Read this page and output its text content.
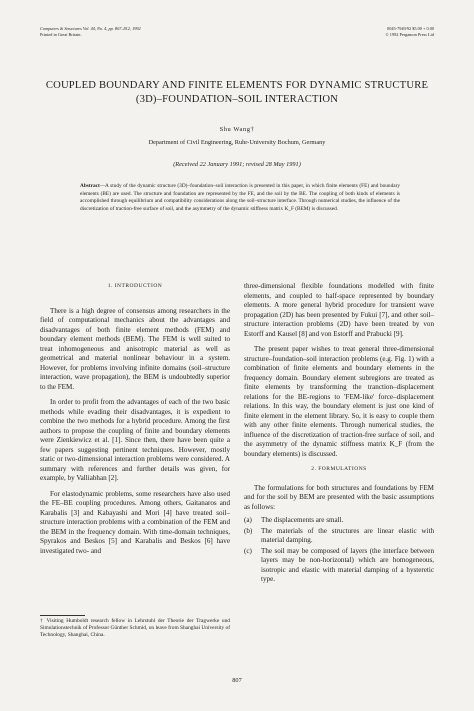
Computers & Structures Vol. 44, No. 4, pp. 807–812, 1992
Printed in Great Britain.
0045-7949/92 $5.00 + 0.00
© 1992 Pergamon Press Ltd
COUPLED BOUNDARY AND FINITE ELEMENTS FOR DYNAMIC STRUCTURE (3D)–FOUNDATION–SOIL INTERACTION
Shu Wang†
Department of Civil Engineering, Ruhr-University Bochum, Germany
(Received 22 January 1991; revised 28 May 1991)
Abstract—A study of the dynamic structure (3D)–foundation–soil interaction is presented in this paper, in which finite elements (FE) and boundary elements (BE) are used. The structure and foundation are represented by the FE, and the soil by the BE. The coupling of both kinds of elements is accomplished through equilibrium and compatibility considerations along the soil–structure interface. Through numerical studies, the influence of the discretization of traction-free surface of soil, and the asymmetry of the dynamic stiffness matrix K_F (BEM) is discussed.
1. INTRODUCTION

There is a high degree of consensus among researchers in the field of computational mechanics about the advantages and disadvantages of both finite element methods (FEM) and boundary element methods (BEM). The FEM is well suited to treat inhomogeneous and anisotropic material as well as geometrical and material nonlinear behaviour in a system. However, for problems involving infinite domains (soil–structure interaction, wave propagation), the BEM is undoubtedly superior to the FEM.

In order to profit from the advantages of each of the two basic methods while evading their disadvantages, it is expedient to combine the two methods for a hybrid procedure. Among the first authors to propose the coupling of finite and boundary elements were Zienkiewicz et al. [1]. Since then, there have been quite a few papers suggesting pertinent techniques. However, mostly static or two-dimensional interaction problems were considered. A summary with references and further details was given, for example, by Valliabhan [2].

For elastodynamic problems, some researchers have also used the FE–BE coupling procedures. Among others, Gaitanaros and Karabalis [3] and Kabayashi and Mori [4] have treated soil–structure interaction problems with a combination of the FEM and the BEM in the frequency domain. With time-domain techniques, Spyrakos and Beskos [5] and Karabalis and Beskos [6] have investigated two- and

three-dimensional flexible foundations modelled with finite elements, and coupled to half-space represented by boundary elements. A more general hybrid procedure for transient wave propagation (2D) has been presented by Fukui [7], and other soil–structure interaction problems (2D) have been treated by von Estorff and Kausel [8] and von Estorff and Prabucki [9].

The present paper wishes to treat general three-dimensional structure–foundation–soil interaction problems (e.g. Fig. 1) with a combination of finite elements and boundary elements in the frequency domain. Boundary element subregions are treated as finite elements by transforming the tranction–displacement relations for the BE-regions to 'FEM-like' force–displacement relations. In this way, the boundary element is just one kind of finite element in the element library. So, it is easy to couple them with any other finite elements. Through numerical studies, the influence of the discretization of traction-free surface of soil, and the asymmetry of the dynamic stiffness matrix K_F (from the boundary elements) is discussed.

2. FORMULATIONS

The formulations for both structures and foundations by FEM and for the soil by BEM are presented with the basic assumptions as follows:

(a)	The displacements are small.
(b)	The materials of the structures are linear elastic with material damping.
(c)	The soil may be composed of layers (the interface between layers may be non-horizontal) which are homogeneous, isotropic and elastic with material damping of a hysteretic type.
† Visiting Humboldt research fellow in Lehrstuhl der Theorie der Tragwerke und Simulationstechnik of Professor Günther Schmid, on leave from Shanghai University of Technology, Shanghai, China.
807
